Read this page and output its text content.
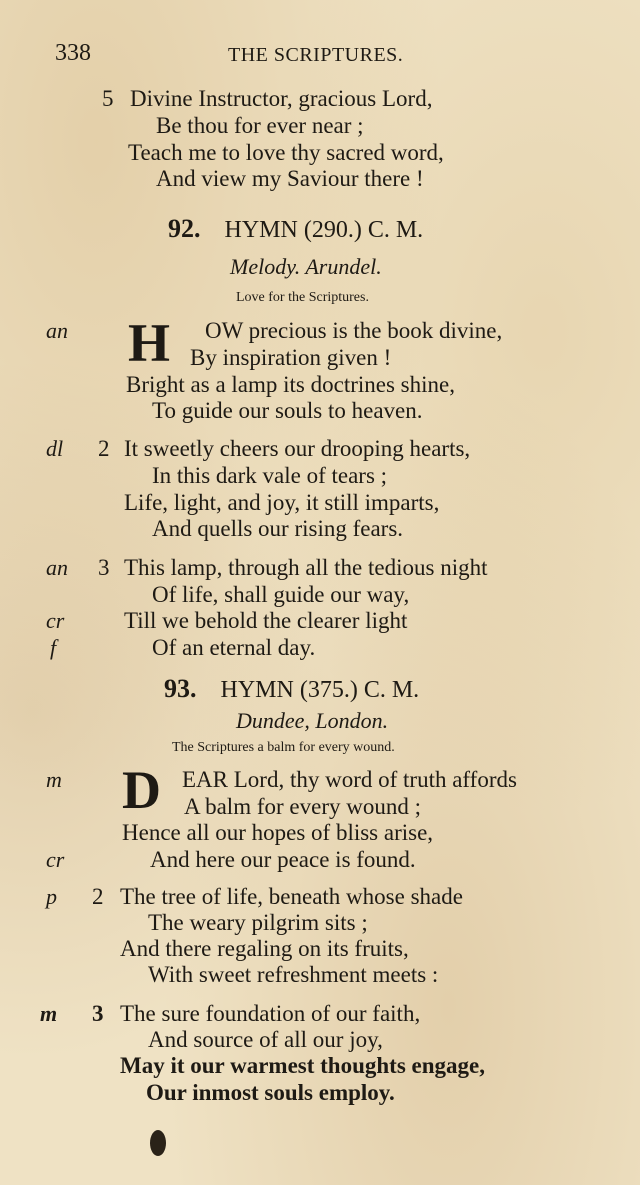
338	THE SCRIPTURES.
5 Divine Instructor, gracious Lord,
Be thou for ever near ;
Teach me to love thy sacred word,
And view my Saviour there !
92. HYMN (290.) C. M.
Melody. Arundel.
Love for the Scriptures.
an H OW precious is the book divine,
By inspiration given !
Bright as a lamp its doctrines shine,
To guide our souls to heaven.
dl 2 It sweetly cheers our drooping hearts,
In this dark vale of tears ;
Life, light, and joy, it still imparts,
And quells our rising fears.
an 3 This lamp, through all the tedious night
Of life, shall guide our way,
cr	Till we behold the clearer light
f	Of an eternal day.
93. HYMN (375.) C. M.
Dundee, London.
The Scriptures a balm for every wound.
m D EAR Lord, thy word of truth affords
A balm for every wound ;
Hence all our hopes of bliss arise,
cr	And here our peace is found.
p 2 The tree of life, beneath whose shade
The weary pilgrim sits ;
And there regaling on its fruits,
With sweet refreshment meets :
m 3 The sure foundation of our faith,
And source of all our joy,
May it our warmest thoughts engage,
Our inmost souls employ.
